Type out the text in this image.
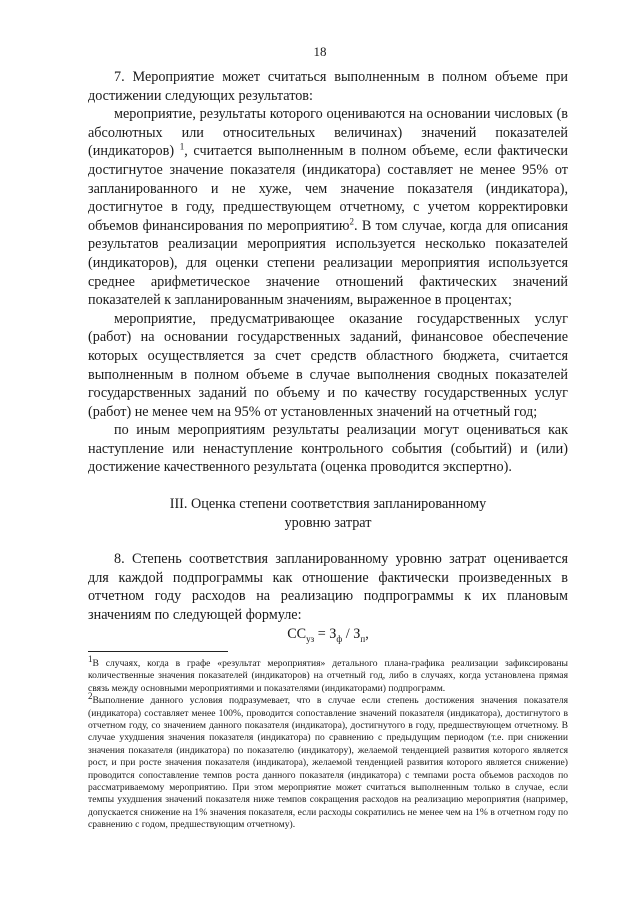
18

7. Мероприятие может считаться выполненным в полном объеме при достижении следующих результатов:

мероприятие, результаты которого оцениваются на основании числовых (в абсолютных или относительных величинах) значений показателей (индикаторов) $^1$, считается выполненным в полном объеме, если фактически достигнутое значение показателя (индикатора) составляет не менее 95% от запланированного и не хуже, чем значение показателя (индикатора), достигнутое в году, предшествующем отчетному, с учетом корректировки объемов финансирования по мероприятию$^2$. В том случае, когда для описания результатов реализации мероприятия используется несколько показателей (индикаторов), для оценки степени реализации мероприятия используется среднее арифметическое значение отношений фактических значений показателей к запланированным значениям, выраженное в процентах;

мероприятие, предусматривающее оказание государственных услуг (работ) на основании государственных заданий, финансовое обеспечение которых осуществляется за счет средств областного бюджета, считается выполненным в полном объеме в случае выполнения сводных показателей государственных заданий по объему и по качеству государственных услуг (работ) не менее чем на 95% от установленных значений на отчетный год;

по иным мероприятиям результаты реализации могут оцениваться как наступление или ненаступление контрольного события (событий) и (или) достижение качественного результата (оценка проводится экспертно).

III. Оценка степени соответствия запланированному

уровню затрат

8. Степень соответствия запланированному уровню затрат оценивается для каждой подпрограммы как отношение фактически произведенных в отчетном году расходов на реализацию подпрограммы к их плановым значениям по следующей формуле:

$СС_{уз} = З_ф / З_п$,

$^1$В случаях, когда в графе «результат мероприятия» детального плана-графика реализации зафиксированы количественные значения показателей (индикаторов) на отчетный год, либо в случаях, когда установлена прямая связь между основными мероприятиями и показателями (индикаторами) подпрограмм.

$^2$Выполнение данного условия подразумевает, что в случае если степень достижения значения показателя (индикатора) составляет менее 100%, проводится сопоставление значений показателя (индикатора), достигнутого в отчетном году, со значением данного показателя (индикатора), достигнутого в году, предшествующем отчетному. В случае ухудшения значения показателя (индикатора) по сравнению с предыдущим периодом (т.е. при снижении значения показателя (индикатора) по показателю (индикатору), желаемой тенденцией развития которого является рост, и при росте значения показателя (индикатора), желаемой тенденцией развития которого является снижение) проводится сопоставление темпов роста данного показателя (индикатора) с темпами роста объемов расходов по рассматриваемому мероприятию. При этом мероприятие может считаться выполненным только в случае, если темпы ухудшения значений показателя ниже темпов сокращения расходов на реализацию мероприятия (например, допускается снижение на 1% значения показателя, если расходы сократились не менее чем на 1% в отчетном году по сравнению с годом, предшествующим отчетному).
